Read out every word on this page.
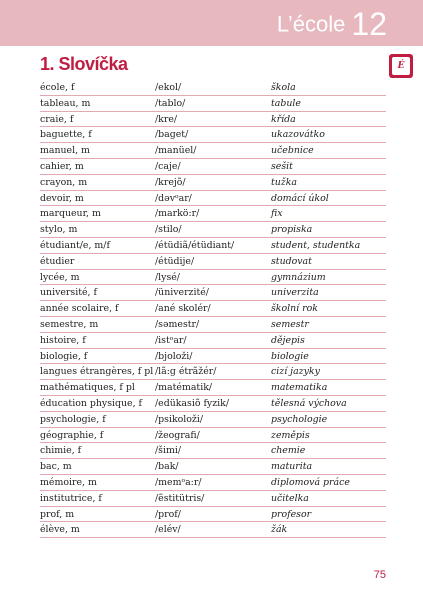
L’école 12
1. Slovíčka	É
école, f	/ekol/	škola
tableau, m	/tablo/	tabule
craie, f	/kre/	křída
baguette, f	/baget/	ukazovátko
manuel, m	/manüel/	učebnice
cahier, m	/caje/	sešit
crayon, m	/krejõ/	tužka
devoir, m	/dəvᵒar/	domácí úkol
marqueur, m	/markö:r/	fix
stylo, m	/stilo/	propiska
étudiant/e, m/f	/étüdiã/étüdiant/	student, studentka
étudier	/étüdije/	studovat
lycée, m	/lysé/	gymnázium
université, f	/üniverzité/	univerzita
année scolaire, f	/ané skolér/	školní rok
semestre, m	/səmestr/	semestr
histoire, f	/istᵒar/	dějepis
biologie, f	/bjoloži/	biologie
langues étrangères, f pl /lã:g étrãžér/	cizí jazyky
mathématiques, f pl /matématik/	matematika
éducation physique, f /edükasiõ fyzik/	tělesná výchova
psychologie, f	/psikoloži/	psychologie
géographie, f	/žeografi/	zeměpis
chimie, f	/šimi/	chemie
bac, m	/bak/	maturita
mémoire, m	/memᵒa:r/	diplomová práce
institutrice, f	/ẽstitütris/	učitelka
prof, m	/prof/	profesor
élève, m	/elév/	žák
75
